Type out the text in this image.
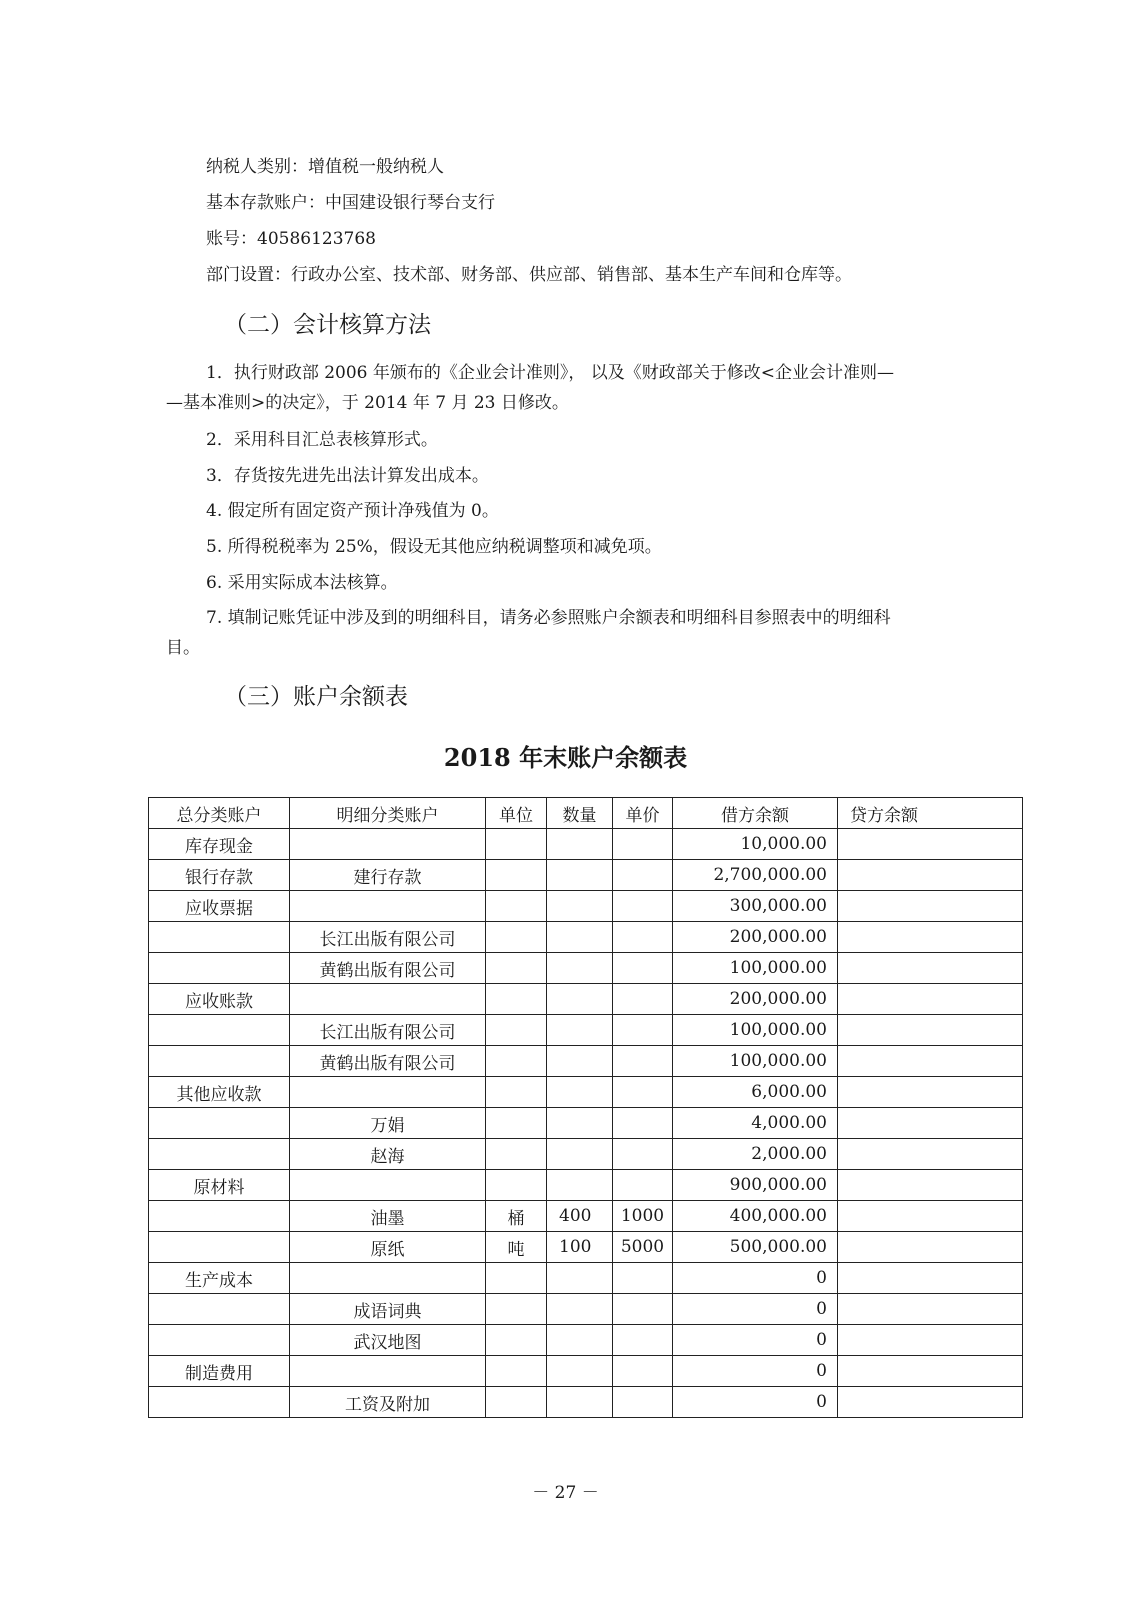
纳税人类别：增值税一般纳税人
基本存款账户：中国建设银行琴台支行
账号：40586123768
部门设置：行政办公室、技术部、财务部、供应部、销售部、基本生产车间和仓库等。
（二）会计核算方法
1．执行财政部 2006 年颁布的《企业会计准则》， 以及《财政部关于修改<企业会计准则—
—基本准则>的决定》，于 2014 年 7 月 23 日修改。
2．采用科目汇总表核算形式。
3．存货按先进先出法计算发出成本。
4. 假定所有固定资产预计净残值为 0。
5. 所得税税率为 25%，假设无其他应纳税调整项和减免项。
6. 采用实际成本法核算。
7. 填制记账凭证中涉及到的明细科目，请务必参照账户余额表和明细科目参照表中的明细科
目。
（三）账户余额表
2018 年末账户余额表
总分类账户	明细分类账户	单位	数量	单价	借方余额	贷方余额
库存现金					10,000.00	
银行存款	建行存款				2,700,000.00	
应收票据					300,000.00	
	长江出版有限公司				200,000.00	
	黄鹤出版有限公司				100,000.00	
应收账款					200,000.00	
	长江出版有限公司				100,000.00	
	黄鹤出版有限公司				100,000.00	
其他应收款					6,000.00	
	万娟				4,000.00	
	赵海				2,000.00	
原材料					900,000.00	
	油墨	桶	400	1000	400,000.00	
	原纸	吨	100	5000	500,000.00	
生产成本					0	
	成语词典				0	
	武汉地图				0	
制造费用					0	
	工资及附加				0	
－ 27 －
